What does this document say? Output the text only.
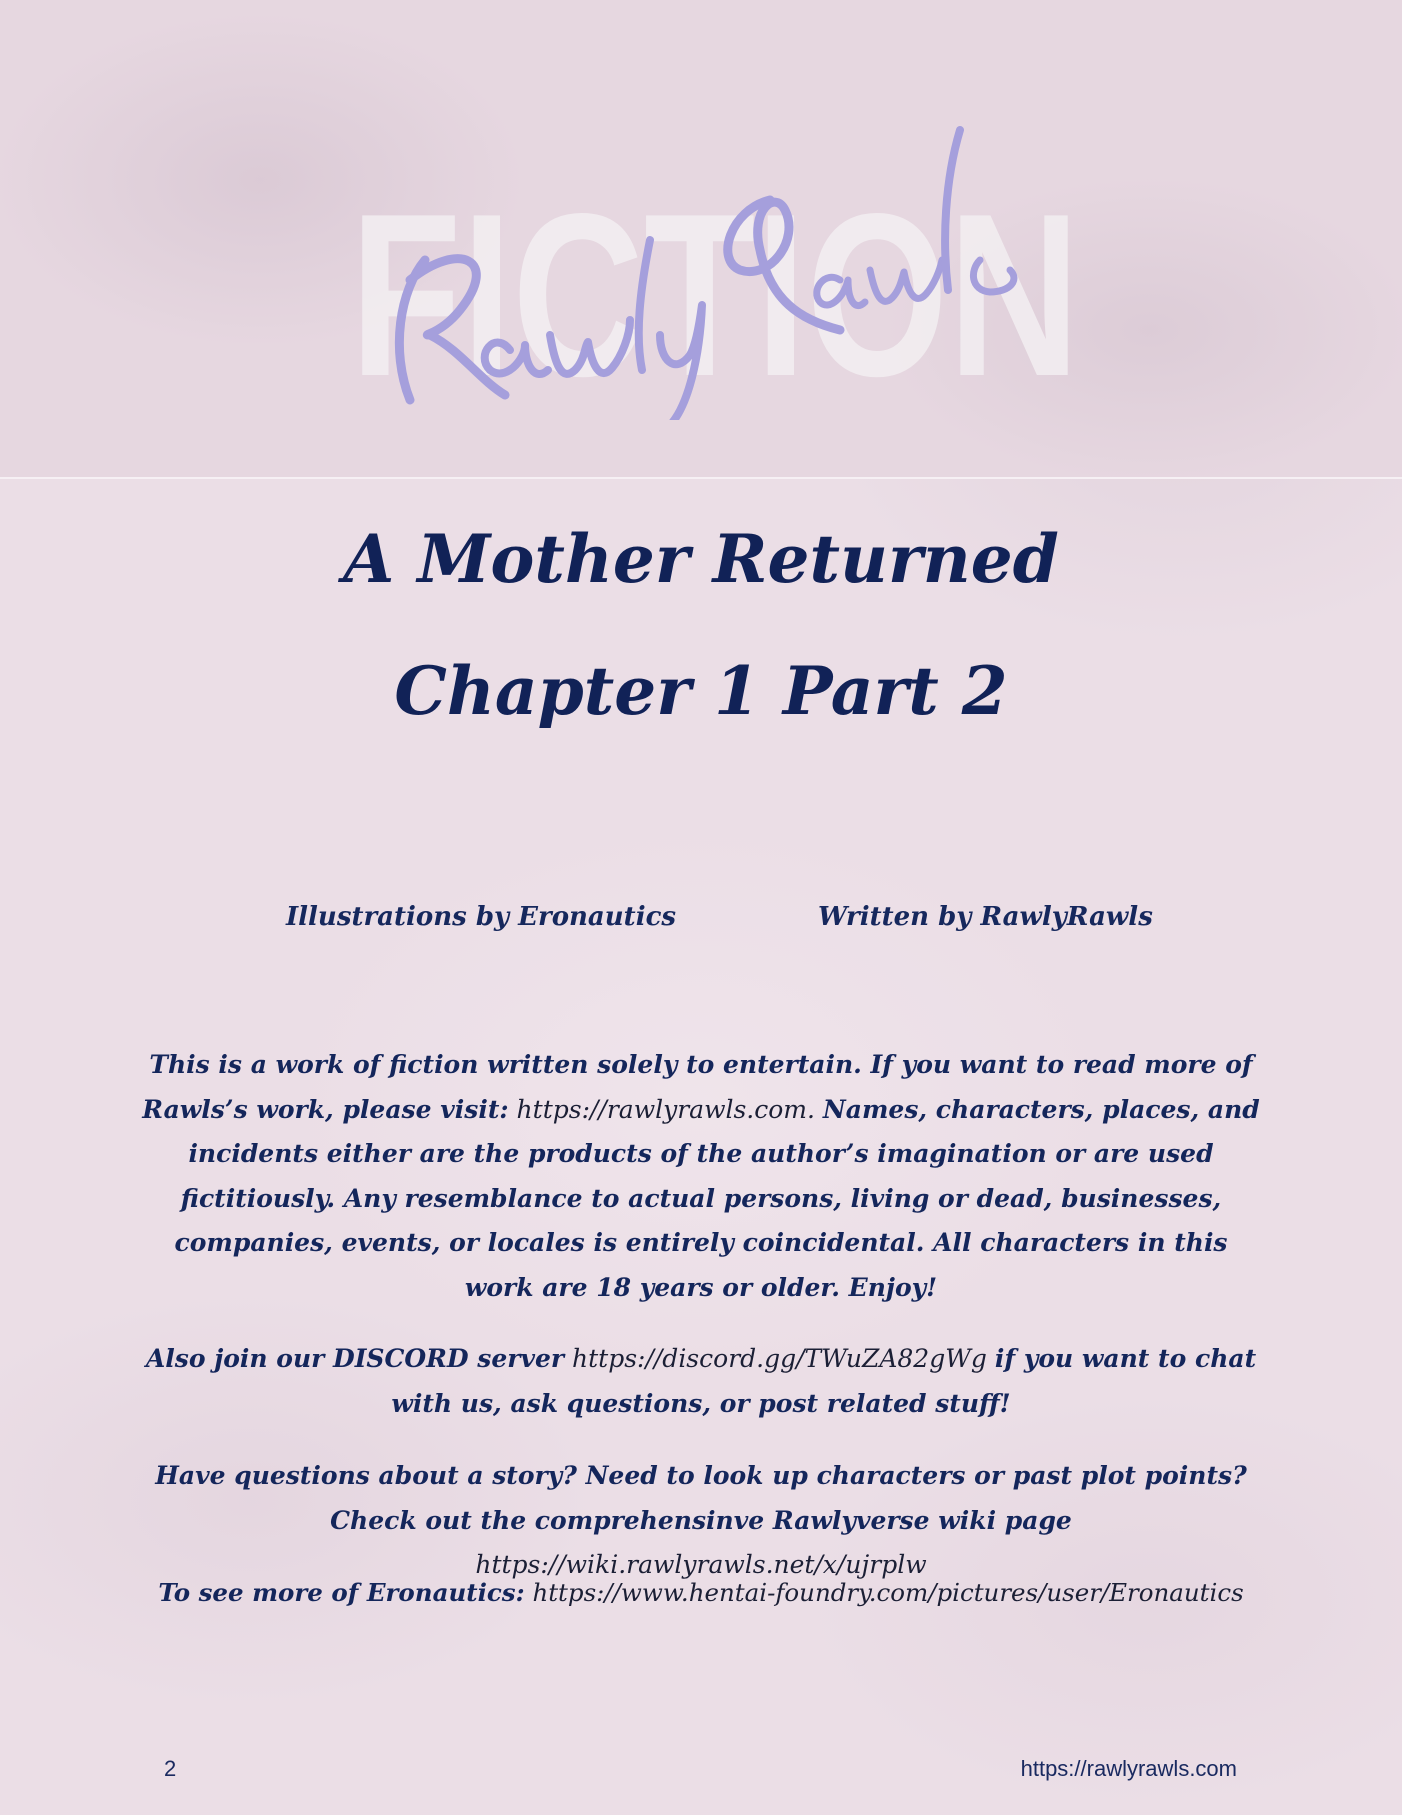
FICTION
Rawly Rawls
A Mother Returned
Chapter 1 Part 2
Illustrations by Eronautics	Written by RawlyRawls

This is a work of fiction written solely to entertain. If you want to read more of Rawls’s work, please visit: https://rawlyrawls.com. Names, characters, places, and incidents either are the products of the author’s imagination or are used fictitiously. Any resemblance to actual persons, living or dead, businesses, companies, events, or locales is entirely coincidental. All characters in this work are 18 years or older. Enjoy!

Also join our DISCORD server https://discord.gg/TWuZA82gWg if you want to chat with us, ask questions, or post related stuff!

Have questions about a story? Need to look up characters or past plot points? Check out the comprehensinve Rawlyverse wiki page https://wiki.rawlyrawls.net/x/ujrplw

To see more of Eronautics: https://www.hentai-foundry.com/pictures/user/Eronautics

2	https://rawlyrawls.com
